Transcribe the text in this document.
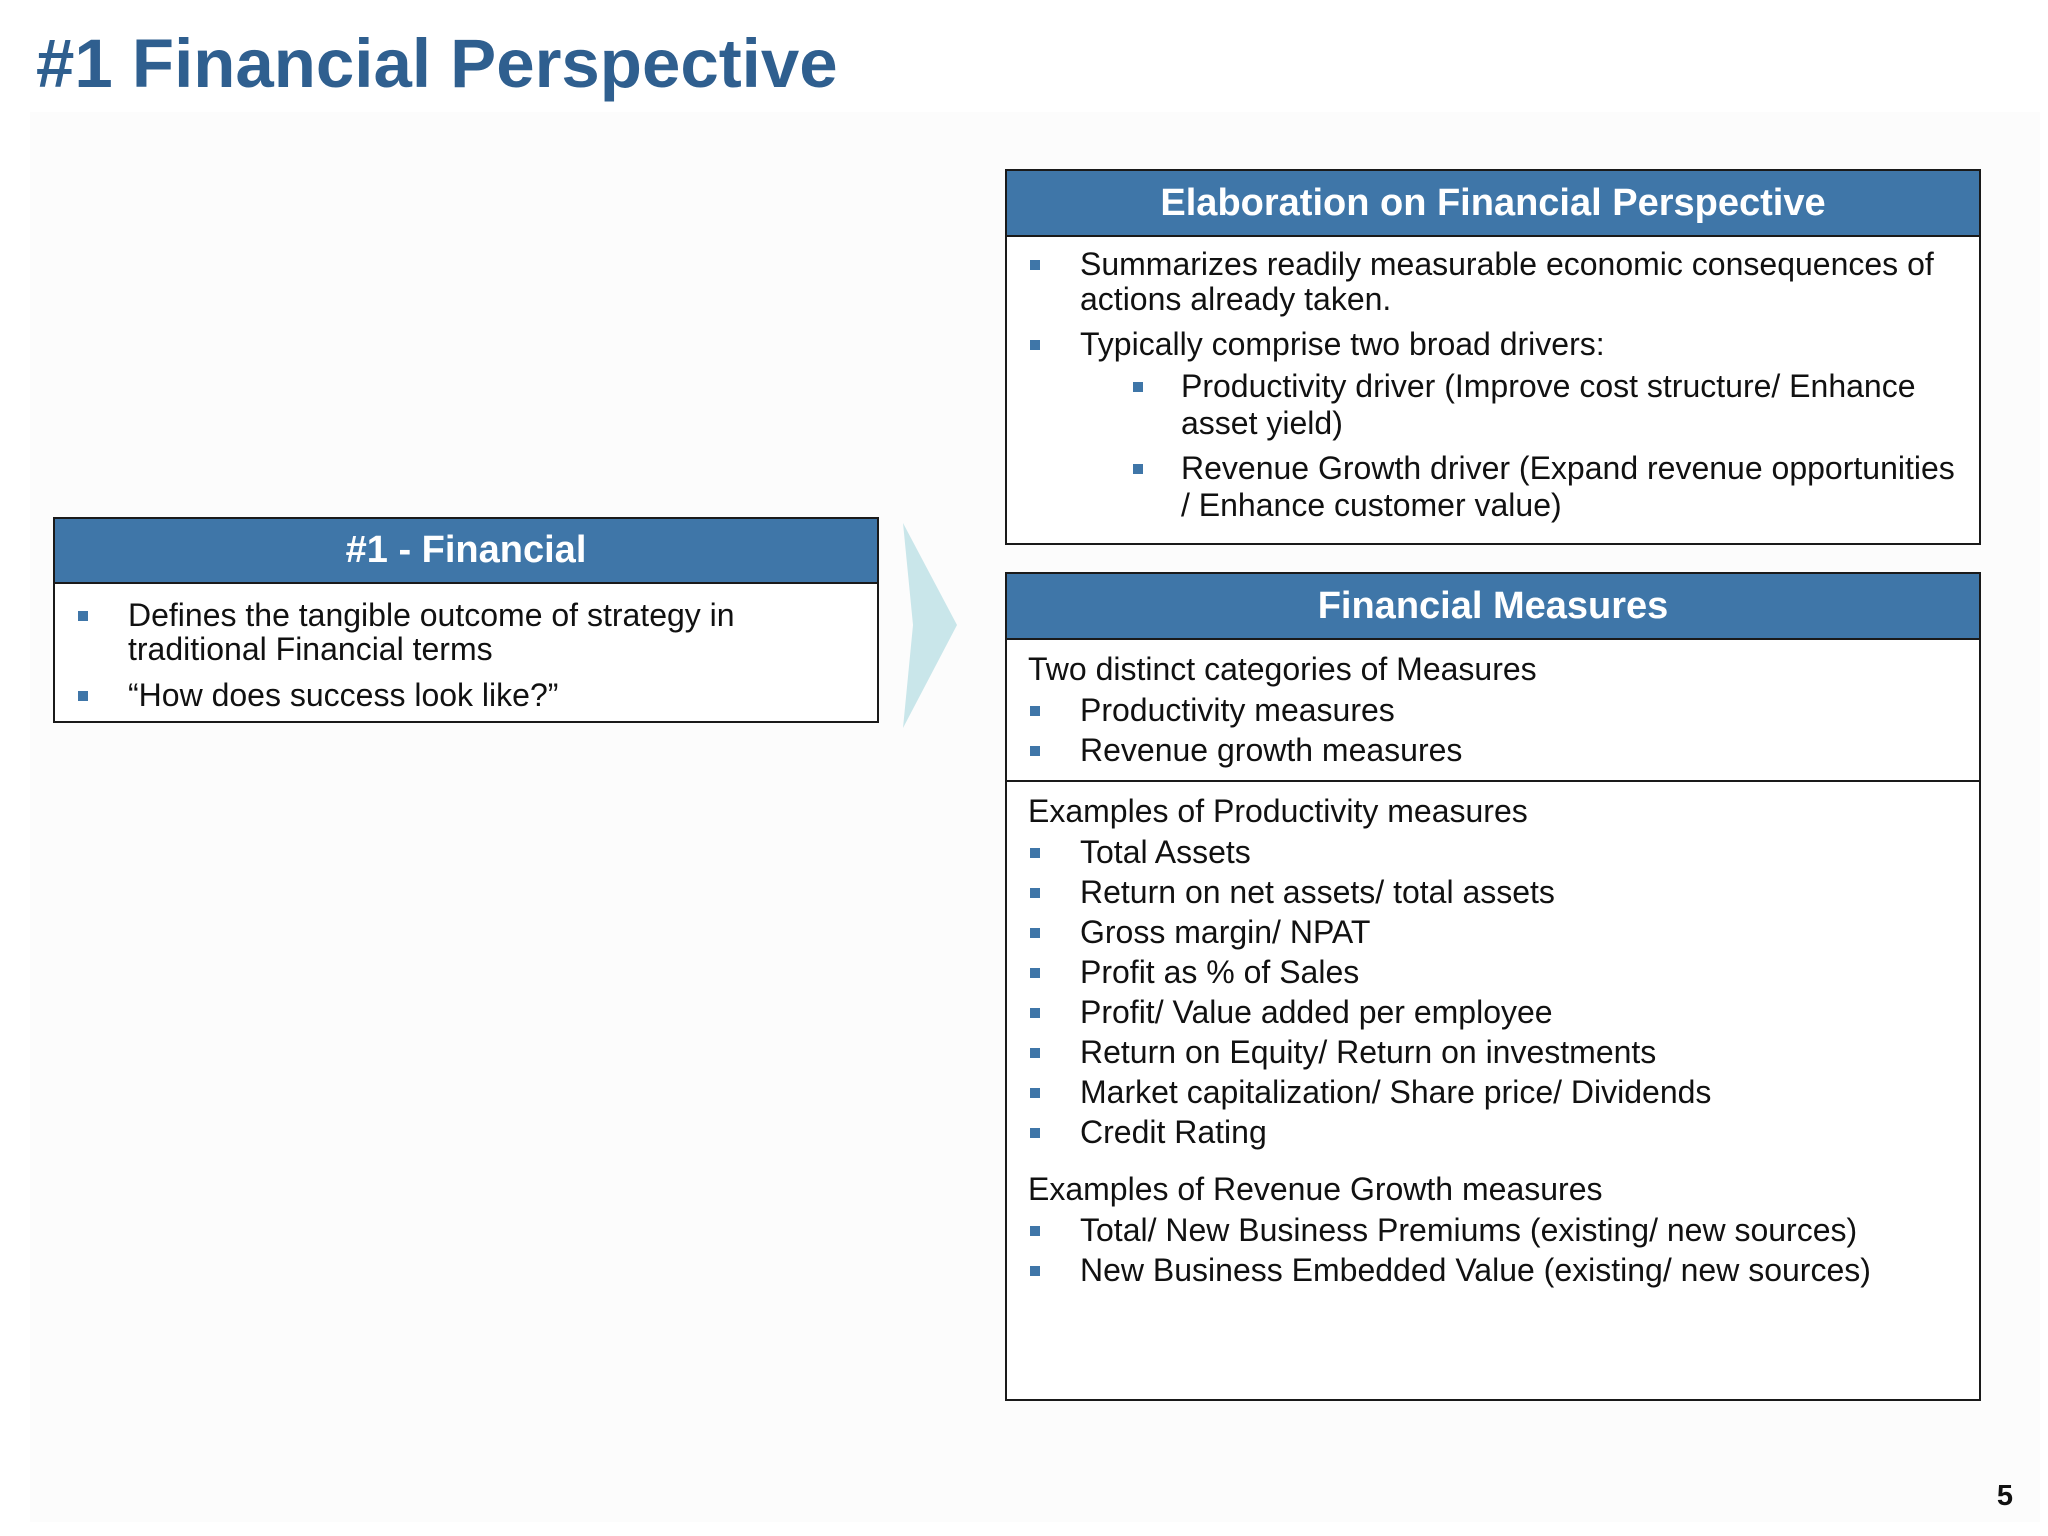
#1 Financial Perspective
#1 - Financial
Defines the tangible outcome of strategy in traditional Financial terms
“How does success look like?”
Elaboration on Financial Perspective
Summarizes readily measurable economic consequences of actions already taken.
Typically comprise two broad drivers:
Productivity driver (Improve cost structure/ Enhance asset yield)
Revenue Growth driver (Expand revenue opportunities / Enhance customer value)
Financial Measures
Two distinct categories of Measures
Productivity measures
Revenue growth measures
Examples of Productivity measures
Total Assets
Return on net assets/ total assets
Gross margin/ NPAT
Profit as % of Sales
Profit/ Value added per employee
Return on Equity/ Return on investments
Market capitalization/ Share price/ Dividends
Credit Rating
Examples of Revenue Growth measures
Total/ New Business Premiums (existing/ new sources)
New Business Embedded Value (existing/ new sources)
5
